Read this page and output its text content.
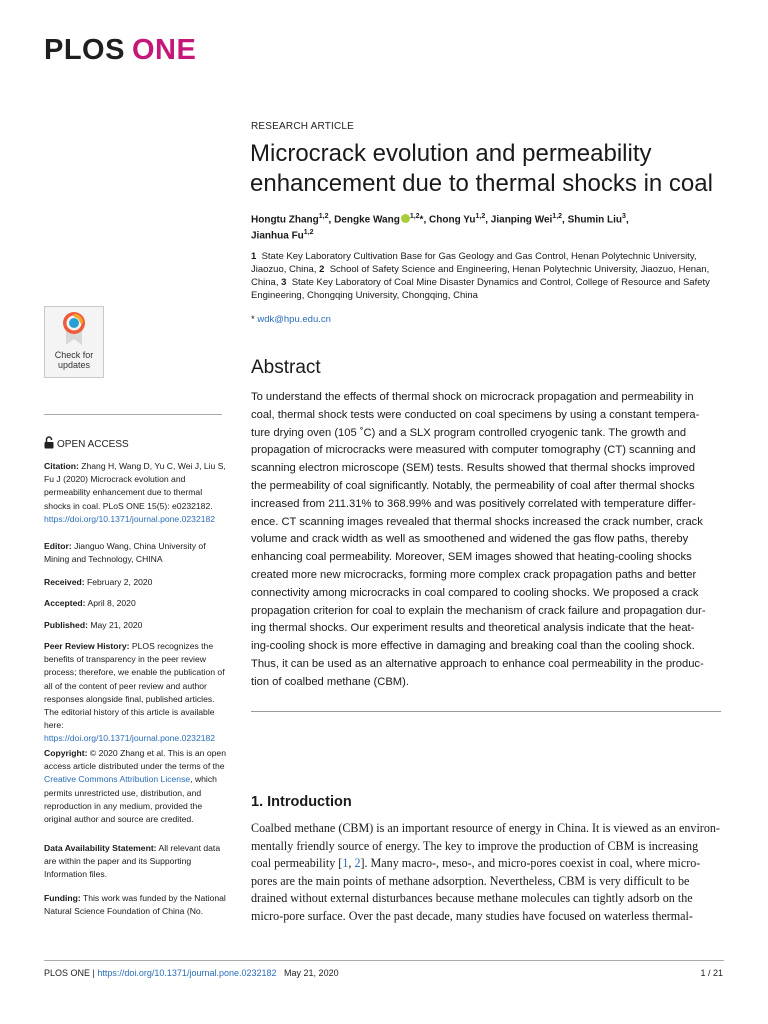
PLOS ONE
Check for
updates
RESEARCH ARTICLE
Microcrack evolution and permeability enhancement due to thermal shocks in coal
Hongtu Zhang$^{1,2}$, Dengke Wang $^{1,2}$*, Chong Yu$^{1,2}$, Jianping Wei$^{1,2}$, Shumin Liu$^3$,
Jianhua Fu$^{1,2}$
1 State Key Laboratory Cultivation Base for Gas Geology and Gas Control, Henan Polytechnic University, Jiaozuo, China, 2 School of Safety Science and Engineering, Henan Polytechnic University, Jiaozuo, Henan, China, 3 State Key Laboratory of Coal Mine Disaster Dynamics and Control, College of Resource and Safety Engineering, Chongqing University, Chongqing, China
* wdk@hpu.edu.cn
Abstract
To understand the effects of thermal shock on microcrack propagation and permeability in
coal, thermal shock tests were conducted on coal specimens by using a constant tempera-
ture drying oven (105 ˚C) and a SLX program controlled cryogenic tank. The growth and
propagation of microcracks were measured with computer tomography (CT) scanning and
scanning electron microscope (SEM) tests. Results showed that thermal shocks improved
the permeability of coal significantly. Notably, the permeability of coal after thermal shocks
increased from 211.31% to 368.99% and was positively correlated with temperature differ-
ence. CT scanning images revealed that thermal shocks increased the crack number, crack
volume and crack width as well as smoothened and widened the gas flow paths, thereby
enhancing coal permeability. Moreover, SEM images showed that heating-cooling shocks
created more new microcracks, forming more complex crack propagation paths and better
connectivity among microcracks in coal compared to cooling shocks. We proposed a crack
propagation criterion for coal to explain the mechanism of crack failure and propagation dur-
ing thermal shocks. Our experiment results and theoretical analysis indicate that the heat-
ing-cooling shock is more effective in damaging and breaking coal than the cooling shock.
Thus, it can be used as an alternative approach to enhance coal permeability in the produc-
tion of coalbed methane (CBM).
1. Introduction
Coalbed methane (CBM) is an important resource of energy in China. It is viewed as an environ-
mentally friendly source of energy. The key to improve the production of CBM is increasing
coal permeability [1, 2]. Many macro-, meso-, and micro-pores coexist in coal, where micro-
pores are the main points of methane adsorption. Nevertheless, CBM is very difficult to be
drained without external disturbances because methane molecules can tightly adsorb on the
micro-pore surface. Over the past decade, many studies have focused on waterless thermal-
OPEN ACCESS
Citation: Zhang H, Wang D, Yu C, Wei J, Liu S, Fu J (2020) Microcrack evolution and permeability enhancement due to thermal shocks in coal. PLoS ONE 15(5): e0232182. https://doi.org/10.1371/journal.pone.0232182
Editor: Jianguo Wang, China University of Mining and Technology, CHINA
Received: February 2, 2020
Accepted: April 8, 2020
Published: May 21, 2020
Peer Review History: PLOS recognizes the benefits of transparency in the peer review process; therefore, we enable the publication of all of the content of peer review and author responses alongside final, published articles. The editorial history of this article is available here: https://doi.org/10.1371/journal.pone.0232182
Copyright: © 2020 Zhang et al. This is an open access article distributed under the terms of the Creative Commons Attribution License, which permits unrestricted use, distribution, and reproduction in any medium, provided the original author and source are credited.
Data Availability Statement: All relevant data are within the paper and its Supporting Information files.
Funding: This work was funded by the National Natural Science Foundation of China (No.
PLOS ONE | https://doi.org/10.1371/journal.pone.0232182 May 21, 2020	1 / 21
